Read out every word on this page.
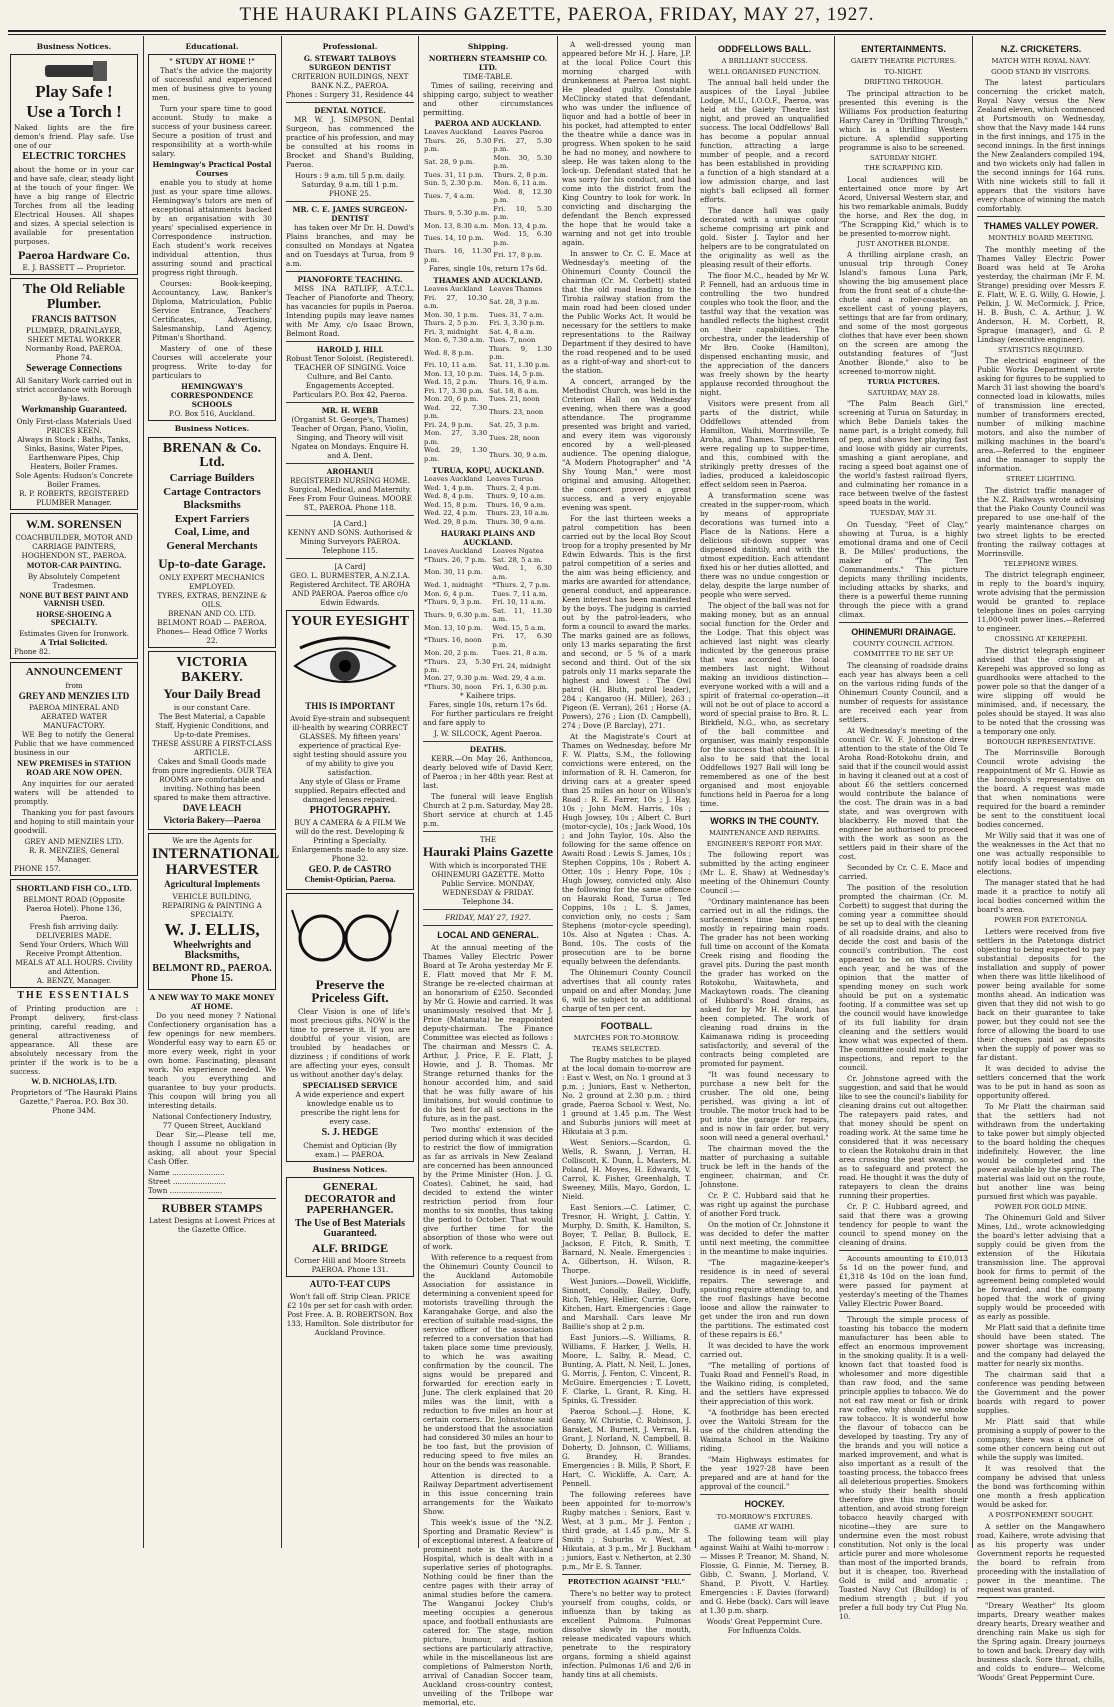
THE HAURAKI PLAINS GAZETTE, PAEROA, FRIDAY, MAY 27, 1927.
Business Notices.
Play Safe !
Use a Torch !
Naked lights are the fire demon's friend. Play safe. Use one of our
ELECTRIC TORCHES
about the home or in your car and have safe, clear, steady light at the touch of your finger. We have a big range of Electric Torches from all the leading Electrical Houses. All shapes and sizes. A special selection is available for presentation purposes.
Paeroa Hardware Co.
E. J. BASSETT — Proprietor.
The Old Reliable Plumber.
FRANCIS BATTSON
PLUMBER, DRAINLAYER, SHEET METAL WORKER
Normanby Road, PAEROA. Phone 74.
Sewerage Connections
All Sanitary Work carried out in strict accordance with Borough By-laws.
Workmanship Guaranteed.
Only First-class Materials Used PRICES KEEN.
Always in Stock : Baths, Tanks, Sinks, Basins, Water Pipes, Earthenware Pipes, Chip Heaters, Boiler Frames.
Sole Agents: Hudson's Concrete Boiler Frames.
R. P. ROBERTS, REGISTERED PLUMBER Manager.
W.M. SORENSEN
COACHBUILDER, MOTOR AND CARRIAGE PAINTERS, HOGHENDON ST., PAEROA.
MOTOR-CAR PAINTING.
By Absolutely Competent Tradesmen.
NONE BUT BEST PAINT AND VARNISH USED.
HORSE-SHOEING A SPECIALTY.
Estimates Given for Ironwork.
A Trial Solicited.
Phone 82.
ANNOUNCEMENT
from
GREY AND MENZIES LTD
PAEROA MINERAL AND AERATED WATER MANUFACTORY.

WE Beg to notify the General Public that we have commenced business in our

NEW PREMISES in STATION ROAD ARE NOW OPEN.

Any inquiries for our aerated waters will be attended to promptly.

Thanking you for past favours and hoping to still maintain your goodwill.

GREY AND MENZIES LTD.
R. R. MENZIES, General Manager.
PHONE 157.
SHORTLAND FISH CO., LTD.
BELMONT ROAD (Opposite Paeroa Hotel). Phone 136, Paeroa.
Fresh fish arriving daily. DELIVERIES MADE.
Send Your Orders, Which Will Receive Prompt Attention.
MEALS AT ALL HOURS. Civility and Attention.
A. BENZY, Manager.
THE ESSENTIALS
of Printing production are : Prompt delivery, first-class printing, careful reading, and general attractiveness of appearance. All these are absolutely necessary from the printer if the work is to be a success.
W. D. NICHOLAS, LTD.
Proprietors of "The Hauraki Plains Gazette," Paeroa. P.O. Box 30. Phone 34M.
Educational.
" STUDY AT HOME !"

That's the advice the majority of successful and experienced men of business give to young men.

Turn your spare time to good account. Study to make a success of your business career. Secure a position of trust and responsibility at a worth-while salary.

Hemingway's Practical Postal Courses

enable you to study at home just as your spare time allows. Hemingway's tutors are men of exceptional attainments backed by an organisation with 30 years' specialised experience in Correspondence instruction. Each student's work receives individual attention, thus assuring sound and practical progress right through.

Courses: Book-keeping, Accountancy, Law, Banker's Diploma, Matriculation, Public Service Entrance, Teachers' Certificates, Advertising, Salesmanship, Land Agency, Pitman's Shorthand.

Mastery of one of these Courses will accelerate your progress. Write to-day for particulars to

HEMINGWAY'S CORRESPONDENCE SCHOOLS
P.O. Box 516, Auckland.
Business Notices.
BRENAN & Co. Ltd.
Carriage Builders
Cartage Contractors
Blacksmiths
Expert Farriers
Coal, Lime, and
General Merchants
Up-to-date Garage.
ONLY EXPERT MECHANICS EMPLOYED.
TYRES, EXTRAS, BENZINE & OILS.
BRENAN AND CO. LTD. BELMONT ROAD — PAEROA.
Phones— Head Office 7 Works 22.
VICTORIA BAKERY.
Your Daily Bread
is our constant Care.
The Best Material, a Capable Staff, Hygienic Conditions, and Up-to-date Premises.
THESE ASSURE A FIRST-CLASS ARTICLE.
Cakes and Small Goods made from pure ingredients. OUR TEA ROOMS are comfortable and inviting. Nothing has been spared to make them attractive.
DAVE LEACH
Victoria Bakery—Paeroa
We are the Agents for
INTERNATIONAL HARVESTER
Agricultural Implements
VEHICLE BUILDING, REPAIRING & PAINTING A SPECIALTY.
W. J. ELLIS,
Wheelwrights and Blacksmiths,
BELMONT RD., PAEROA. Phone 15.
A NEW WAY TO MAKE MONEY AT HOME.

Do you need money ? National Confectionery organisation has a few openings for new members. Wonderful easy way to earn £5 or more every week, right in your own home. Fascinating, pleasant work. No experience needed. We teach you everything and guarantee to buy your products. This coupon will bring you all interesting details.

National Confectionery Industry, 77 Queen Street, Auckland

Dear Sir,—Please tell me, though I assume no obligation in asking, all about your Special Cash Offer.

Name .......................
Street .......................
Town .......................
RUBBER STAMPS
Latest Designs at Lowest Prices at the Gazette Office.
Professional.
G. STEWART TALBOYS SURGEON DENTIST
CRITERION BUILDINGS, NEXT BANK N.Z., PAEROA.
Phones : Surgery 31, Residence 44
DENTAL NOTICE.

MR W. J. SIMPSON, Dental Surgeon, has commenced the practice of his profession, and may be consulted at his rooms in Brocket and Shand's Building, Paeroa.

Hours : 9 a.m. till 5 p.m. daily. Saturday, 9 a.m. till 1 p.m.
PHONE 25.
MR. C. E. JAMES SURGEON-DENTIST

has taken over Mr Dr. H. Dowd's Plains branches, and may be consulted on Mondays at Ngatea and on Tuesdays at Turua, from 9 a.m.

PIANOFORTE TEACHING.

MISS INA RATLIFF, A.T.C.L. Teacher of Pianoforte and Theory, has vacancies for pupils in Paeroa. Intending pupils may leave names with Mr Amy, c/o Isaac Brown, Belmont Road.

HAROLD J. HILL
Robust Tenor Soloist. (Registered). TEACHER OF SINGING. Voice Culture, and Bel Canto. Engagements Accepted. Particulars P.O. Box 42, Paeroa.
MR. H. WEBB
(Organist St. George's, Thames) Teacher of Organ, Piano, Violin, Singing, and Theory will visit Ngatea on Mondays. Enquire H. and A. Dent.
AROHANUI
REGISTERED NURSING HOME. Surgical, Medical, and Maternity. Fees From Four Guineas. MOORE ST., PAEROA. Phone 118.
[A Card.]
KENNY AND SONS. Authorised & Mining Surveyors PAEROA. Telephone 115.
[A Card]
GEO. L. BURMESTER, A.N.Z.I.A. Registered Architect. TE AROHA AND PAEROA. Paeroa office c/o Edwin Edwards.
YOUR EYESIGHT
THIS IS IMPORTANT
Avoid Eye-strain and subsequent ill-health by wearing CORRECT GLASSES. My fifteen years' experience of practical Eye-sight testing should assure you of my ability to give you satisfaction.
Any style of Glass or Frame supplied. Repairs effected and damaged lenses repaired.
PHOTOGRAPHY.
BUY A CAMERA & A FILM We will do the rest. Developing & Printing a Specialty. Enlargements made to any size. Phone 32.
GEO. P. de CASTRO
Chemist-Optician, Paeroa.
Preserve the Priceless Gift.

Clear Vision is one of life's most precious gifts. NOW is the time to preserve it. If you are doubtful of your vision, are troubled by headaches or dizziness ; if conditions of work are affecting your eyes, consult us without another day's delay.

SPECIALISED SERVICE
A wide experience and expert knowledge enable us to prescribe the right lens for every case.
S. J. HEDGE
Chemist and Optician (By exam.) — PAEROA.
Business Notices.
GENERAL DECORATOR and PAPERHANGER.
The Use of Best Materials Guaranteed.
ALF. BRIDGE
Corner Hill and Moore Streets PAEROA. Phone 131.
AUTO-T-EAT CUPS
Won't fall off. Strip Clean. PRICE £2 10s per set for cash with order. Post Free. A. B. ROBERTSON. Box 133, Hamilton. Sole distributor for Auckland Province.
Shipping.
NORTHERN STEAMSHIP CO. LTD.
TIME-TABLE.

Times of sailing, receiving and shipping cargo, subject to weather and other circumstances permitting.

PAEROA AND AUCKLAND.
Leaves Auckland	Leaves Paeroa
Thurs. 26, 5.30 p.m.	Fri. 27, 5.30 p.m.
Sat. 28, 9 p.m.	Mon. 30, 5.30 p.m.
Tues. 31, 11 p.m.	Thurs. 2, 8 p.m.
Sun. 5, 2.30 p.m.	Mon. 6, 11 a.m.
Tues. 7, 4 a.m.	Wed. 8, 12.30 p.m.
Thurs. 9, 5.30 p.m.	Fri. 10, 5.30 p.m.
Mon. 13, 8.30 a.m.	Mon. 13, 4 p.m.
Tues. 14, 10 p.m.	Wed. 15, 6.30 p.m.
Thurs. 16, 11.30 p.m.	Fri. 17, 8 p.m.
Fares, single 10s, return 17s 6d.
THAMES AND AUCKLAND.
Leaves Auckland	Leaves Thames
Fri. 27, 10.30 a.m.	Sat. 28, 3 p.m.
Mon. 30, 1 p.m.	Tues. 31, 7 a.m.
Thurs. 2, 5 p.m.	Fri. 3, 3.30 p.m.
Fri. 3, midnight	Sat. 4, 8 a.m.
Mon. 6, 7.30 a.m.	Tues. 7, noon
Wed. 8, 8 p.m.	Thurs. 9, 1.30 p.m.
Fri. 10, 11 a.m.	Sat. 11, 1.30 p.m.
Mon. 13, 10 p.m.	Tues. 14, 5 p.m.
Wed. 15, 2 p.m.	Thurs. 16, 9 a.m.
Fri. 17, 3.30 p.m.	Sat. 18, 8 a.m.
Mon. 20, 6 p.m.	Tues. 21, noon
Wed. 22, 7.30 p.m.	Thurs. 23, noon
Fri. 24, 9 p.m.	Sat. 25, 3 p.m.
Mon. 27, 3.30 p.m.	Tues. 28, noon
Wed. 29, 1.30 p.m.	Thurs. 30, 9 a.m.
TURUA, KOPU, AUCKLAND.
Leaves Auckland	Leaves Turua
Wed. 1, 4 p.m.	Thurs. 2, 4 p.m.
Wed. 8, 4 p.m.	Thurs. 9, 10 a.m.
Wed. 15, 8 p.m.	Thurs. 16, 9 a.m.
Wed. 22, 4 p.m.	Thurs. 23, 10 a.m.
Wed. 29, 8 p.m.	Thurs. 30, 9 a.m.
HAURAKI PLAINS AND AUCKLAND.
Leaves Auckland	Leaves Ngatea
*Thurs. 26, 7 p.m.	Sat. 28, 5 a.m.
Mon. 30, 11 p.m.	Wed. 1, 6.30 a.m.
Wed. 1, midnight	*Thurs. 2, 7 p.m.
Mon. 6, 4 p.m.	Tues. 7, 11 a.m.
*Thurs. 9, 3 p.m.	Fri. 10, 11 a.m.
Thurs. 9, 6.30 p.m.	Sat. 11, 11.30 a.m.
Mon. 13, 10 p.m.	Wed. 15, 5 a.m.
*Thurs. 16, noon	Fri. 17, 6.30 p.m.
Mon. 20, 2 p.m.	Tues. 21, 8 a.m.
*Thurs. 23, 5.30 p.m.	Fri. 24, midnight
Mon. 27, 9.30 p.m.	Wed. 29, 4 a.m.
*Thurs. 30, noon	Fri. 1, 6.30 p.m.
* Kaihere trips.
Fares, single 10s, return 17s 6d.

For further particulars re freight and fare apply to

J. W. SILCOCK, Agent Paeroa.
DEATHS.

KERR.—On May 26, Anthoncoa, dearly beloved wife of David Kerr, of Paeroa ; in her 48th year. Rest at last.

The funeral will leave English Church at 2 p.m. Saturday, May 28. Short service at church at 1.45 p.m.

THE
Hauraki Plains Gazette
With which is incorporated THE OHINEMURI GAZETTE. Motto Public Service. MONDAY, WEDNESDAY & FRIDAY. Telephone 34.
FRIDAY, MAY 27, 1927.
LOCAL AND GENERAL.

At the annual meeting of the Thames Valley Electric Power Board at Te Aroha yesterday Mr F. E. Flatt moved that Mr F. M. Strange be re-elected chairman at an honorarium of £250. Seconded by Mr G. Howie and carried. It was unanimously resolved that Mr J. Price (Matamata) be reappointed deputy-chairman. The Finance Committee was elected as follows : The chairman and Messrs C. A. Arthur, J. Price, F. E. Flatt, J. Howie, and J. B. Thomas. Mr Strange returned thanks for the honour accorded him, and said that he was fully aware of his limitations, but would continue to do his best for all sections in the future, as in the past.

Two months' extension of the period during which it was decided to restrict the flow of immigration as far as arrivals in New Zealand are concerned has been announced by the Prime Minister (Hon. J. G. Coates). Cabinet, he said, had decided to extend the winter restriction period from four months to six months, thus taking the period to October. That would give further time for the absorption of those who were out of work.

With reference to a request from the Ohinemuri County Council to the Auckland Automobile Association for assistance in determining a convenient speed for motorists travelling through the Karangahake Gorge, and also the erection of suitable road-signs, the service officer of the association referred to a conversation that had taken place some time previously, to which he was awaiting confirmation by the council. The signs would be prepared and forwarded for erection early in June. The clerk explained that 20 miles was the limit, with a reduction to five miles an hour at certain corners. Dr. Johnstone said he understood that the association had considered 30 miles an hour to be too fast, but the provision of reducing speed to five miles an hour on the bends was reasonable.

Attention is directed to a Railway Department advertisement in this issue concerning train arrangements for the Waikato Show.

This week's issue of the "N.Z. Sporting and Dramatic Review" is of exceptional interest. A feature of prominent note is the Auckland Hospital, which is dealt with in a superlative series of photographs. Nothing could be finer than the centre pages with their array of animal studies before the camera. The Wanganui Jockey Club's meeting occupies a generous space, and football enthusiasts are catered for. The stage, motion picture, humour, and fashion sections are particularly attractive, while in the miscellaneous list are completions of Palmerston North, arrival of Canadian Soccer team, Auckland cross-country contest, unveiling of the Trilbope war memorial, etc.

A well-dressed young man appeared before Mr H. J. Hare, J.P. at the local Police Court this morning charged with drunkenness at Paeroa last night. He pleaded guilty. Constable McClincky stated that defendant, who was under the influence of liquor and had a bottle of beer in his pocket, had attempted to enter the theatre while a dance was in progress. When spoken to he said he had no money, and nowhere to sleep. He was taken along to the lock-up. Defendant stated that he was sorry for his conduct, and had come into the district from the King Country to look for work. In convicting and discharging the defendant the Bench expressed the hope that he would take a warning and not get into trouble again.

In answer to Cr. C. E. Mace at Wednesday's meeting of the Ohinemuri County Council the chairman (Cr. M. Corbett) stated that the old road leading to the Tirohia railway station from the main road had been closed under the Public Works Act. It would be necessary for the settlers to make representations to the Railway Department if they desired to have the road reopened and to be used as a right-of-way and short-cut to the station.

A concert, arranged by the Methodist Church, was held in the Criterion Hall on Wednesday evening, when there was a good attendance. The programme presented was bright and varied, and every item was vigorously encored by a well-pleased audience. The opening dialogue, "A Modern Photographer" and "A Shy Young Man," were most original and amusing. Altogether, the concert proved a great success, and a very enjoyable evening was spent.

For the last thirteen weeks a patrol competition has been carried out by the local Boy Scout troop for a trophy presented by Mr Edwin Edwards. This is the first patrol competition of a series and the aim was being efficiency, and marks are awarded for attendance, general conduct, and appearance. Keen interest has been manifested by the boys. The judging is carried out by the patrol-leaders, who form a council to award the marks. The marks gained are as follows, only 13 marks separating the first and second, or 5 % of a mark second and third. Out of the six patrols only 11 marks separate the highest and lowest : The Owl patrol (H. Bluth, patrol leader), 284 ; Kangaroo (H. Miller), 263 ; Pigeon (E. Verran), 261 ; Horse (A. Powers), 276 ; Lion (D. Campbell), 274 ; Dove (P. Barclay), 271.

At the Magistrate's Court at Thames on Wednesday, before Mr F. W. Platts, S.M., the following convictions were entered, on the information of R. H. Cameron, for driving cars at a greater speed than 25 miles an hour on Wilson's Road : R. E. Farrer, 10s ; J. Hay, 10s ; John McM. Harris, 10s ; Hugh Jowsey, 10s ; Albert C. Burt (motor-cycle), 10s ; Jack Wood, 10s ; and John Taylor, 10s. Also the following for the same offence on Awaiti Road : Lewis S. James, 10s ; Stephen Coppins, 10s ; Robert A. Otter, 10s ; Henry Pope, 10s ; Hugh Jowsey, convicted only. Also the following for the same offence on Hauraki Road, Turua : Ted Coppins, 10s ; L. S. James, conviction only, no costs ; Sam Stephens (motor-cycle speeding), 10s. Also at Ngatea : Chas. A. Bond, 10s. The costs of the prosecution are to be borne equally between the defendants.

The Ohinemuri County Council advertises that all county rates unpaid on and after Monday, June 6, will be subject to an additional charge of ten per cent.

FOOTBALL.
MATCHES FOR TO-MORROW.
TEAMS SELECTED.

The Rugby matches to be played at the local domain to-morrow are : East v. West, on No. 1 ground at 3 p.m. ; Juniors, East v. Netherton, No. 2 ground at 2.30 p.m. ; third grade, Paeroa School v. West, No. 1 ground at 1.45 p.m. The West and Suburbs juniors will meet at Hikutaia at 3 p.m.

West Seniors.—Scardon, G. Wells, R. Swann, J. Verran, H. Colliscott, K. Dunn, L. Masters, M. Poland, H. Moyes, H. Edwards, V. Carrol, K. Fisher, Greenhalgh, T. Sweeney, Mills, Mayo, Gordon, L. Nield.

East Seniors.—C. Latimer, C. Tresnor, H. Wright, J. Cattin, Y. Murphy, D. Smith, K. Hamilton, S. Boyer, T. Pellar, B. Bullock, E. Jackson, F. Fitch, R. Smith, T. Barnard, N. Neale. Emergencies : A. Gilbertson, H. Wilson, R. Thorpe.

West Juniors.—Dowell, Wickliffe, Sinnott, Conolly, Bailey, Duffy, Rich, Tehley, Hellier, Currie, Gore, Kitchen, Hart. Emergencies : Gage and Marshall. Cars leave Mr Baillie's shop at 2 p.m.

East Juniors.—S. Williams, R. Williams, F. Harker, J. Wells, H. Moore, L. Salby, R. Mead, C. Bunting, A. Platt, N. Neil, L. Jones, G. Morris, J. Fenton, C. Vincent, R. McGuire. Emergencies : T. Lovett, F. Clarke, L. Grant, R. King, H. Spinks, G. Tressider.

Paeroa School.—J. Hone, K. Geany, W. Christie, C. Robinson, J. Baraket, M. Burnett, J. Verran, H. Grant, J. Norland, N. Campbell, B. Doherty, D. Johnson, C. Williams, G. Brandey, H. Brandes. Emergencies : B. Mills, P. Short, F. Hart, C. Wickliffe, A. Carr, A. Pennell.

The following referees have been appointed for to-morrow's Rugby matches : Seniors, East v. West, at 3 p.m., Mr J. Fenton ; third grade, at 1.45 p.m., Mr S. Smith ; Suburbs v. West, at Hikutaia, at 3 p.m., Mr J. Buckham ; juniors, East v. Netherton, at 2.30 p.m., Mr E. S. Tanner.

PROTECTION AGAINST "FLU."

There's no better way to protect yourself from coughs, colds, or influenza than by taking as excellent Pulmona. Pulmonas dissolve slowly in the mouth, release medicated vapours which penetrate to the respiratory organs, forming a shield against infection. Pulmonas 1/6 and 2/6 in handy tins at all chemists.

ODDFELLOWS BALL.
A BRILLIANT SUCCESS.
WELL ORGANISED FUNCTION.

The annual ball held under the auspices of the Loyal Jubilee Lodge, M.U., I.O.O.F., Paeroa, was held at the Gaiety Theatre last night, and proved an unqualified success. The local Oddfellows' Ball has become a popular annual function, attracting a large number of people, and a record has been established in providing a function of a high standard at a low admission charge, and last night's ball eclipsed all former efforts.

The dance hall was gaily decorated with a unique colour scheme comprising art pink and gold. Sister J. Taylor and her helpers are to be congratulated on the originality as well as the pleasing result of their efforts.

The floor M.C., headed by Mr W. P. Fennell, had an arduous time in controlling the two hundred couples who took the floor, and the tastful way that the vexation was handled reflects the highest credit on their capabilities. The orchestra, under the leadership of Mr Bro. Cooke (Hamilton), dispensed enchanting music, and the appreciation of the dancers was freely shown by the hearty applause recorded throughout the night.

Visitors were present from all parts of the district, while Oddfellows attended from Hamilton, Waihi, Morrinsville, Te Aroha, and Thames. The brethren were regaling up to supper-time, and this, combined with the strikingly pretty dresses of the ladies, produced a kaleidoscopic effect seldom seen in Paeroa.

A transformation scene was created in the supper-room, which by means of appropriate decorations was turned into a Place de la Nations. Here a delicious sit-down supper was dispensed daintily, and with the utmost expedition. Each attendant fixed his or her duties allotted, and there was no undue congestion or delay, despite the large number of people who were served.

The object of the ball was not for making money, but as an annual social function for the Order and the Lodge. That this object was achieved last night was clearly indicated by the generous praise that was accorded the local members last night. Without making an invidious distinction—everyone worked with a will and a spirit of fraternal co-operation—it will not be out of place to accord a word of special praise to Bro. R. L. Birkfield, N.G., who, as secretary of the ball committee and organiser, was mainly responsible for the success that obtained. It is also to be said that the local Oddfellows 1927 Ball will long be remembered as one of the best organised and most enjoyable functions held in Paeroa for a long time.

WORKS IN THE COUNTY.
MAINTENANCE AND REPAIRS.
ENGINEER'S REPORT FOR MAY.

The following report was submitted by the acting engineer (Mr L. E. Shaw) at Wednesday's meeting of the Ohinemuri County Council :—

"Ordinary maintenance has been carried out in all the ridings, the surfacemen's time being spent mostly in repairing main roads. The grader has not been working full time on account of the Komata Creek rising and flooding the gravel pits. During the past month the grader has worked on the Rotokohu, Waitawheta, and Mackaytown roads. The cleaning of Hubbard's Road drains, as asked for by Mr H. Poland, has been completed. The work of cleaning road drains in the Kaimanawa riding is proceeding satisfactorily, and several of the contracts being completed are promoted for payment.

"It was found necessary to purchase a new belt for the crusher. The old one, being perished, was giving a lot of trouble. The motor truck had to be put into the garage for repairs, and is now in fair order, but very soon will need a general overhaul."

The chairman moved the the matter of purchasing a suitable truck be left in the hands of the engineer, chairman, and Cr. Johnstone.

Cr. P. C. Hubbard said that he was right up against the purchase of another Ford truck.

On the motion of Cr. Johnstone it was decided to defer the matter until next meeting, the committee in the meantime to make inquiries.

"The magazine-keeper's residence is in need of several repairs. The sewerage and spouting require attending to, and the roof flashings have become loose and allow the rainwater to get under the iron and run down the partitions. The estimated cost of these repairs is £6."

It was decided to have the work carried out.

"The metalling of portions of Tuaki Road and Fennell's Road, in the Waikino riding, is completed, and the settlers have expressed their appreciation of this work.

"A footbridge has been erected over the Waitoki Stream for the use of the children attending the Waimata School in the Waikino riding.

"Main Highways estimates for the year 1927-28 have been prepared and are at hand for the approval of the council."

HOCKEY.
TO-MORROW'S FIXTURES.
GAME AT WAIHI.

The following team will play against Waihi at Waihi to-morrow :— Misses P. Treanor, M. Shand, N. Flossie, G. Finnie, M. Tierney, B. Gibb, C. Swann, J. Morland, V. Shand, P. Pivott, V. Hartley. Emergencies : F. Davies (forward) and G. Hebe (back). Cars will leave at 1.30 p.m. sharp.

Woods' Great Peppermint Cure. For Influenza Colds.
ENTERTAINMENTS.
GAIETY THEATRE PICTURES.
TO-NIGHT.
DRIFTING THROUGH.

The principal attraction to be presented this evening is the Williams Fox production featuring Harry Carey in "Drifting Through," which is a thrilling Western picture. A splendid supporting programme is also to be screened.

SATURDAY NIGHT.
THE SCRAPPING KID.

Local audiences will be entertained once more by Art Acord, Universal Western star, and his two remarkable animals, Buddy the horse, and Rex the dog, in "The Scrapping Kid," which is to be presented to-morrow night.

JUST ANOTHER BLONDE.

A thrilling airplane crash, an unusual trip through Coney Island's famous Luna Park, showing the big amusement place from the front seat of a chute-the-chute and a roller-coaster, an excellent cast of young players, settings that are far from ordinary, and some of the most gorgeous clothes that have ever been shown on the screen are among the outstanding features of "Just Another Blonde," also to be screened to-morrow night.

TURUA PICTURES.
SATURDAY, MAY 28.

"The Palm Beach Girl," screening at Turua on Saturday, in which Bebe Daniels takes the name part, is a bright comedy, full of pep, and shows her playing fast and loose with giddy air currents, smashing a giant aeroplane, and racing a speed boat against one of the world's fastest railroad flyers, and culminating her romance in a race between twelve of the fastest speed boats in the world.

TUESDAY, MAY 31.

On Tuesday, "Feet of Clay," showing at Turua, is a highly emotional drama and one of Cecil B. De Milles' productions, the maker of "The Ten Commandments." This picture depicts many thrilling incidents, including attacks by sharks, and there is a powerful theme running through the piece with a grand climax.

OHINEMURI DRAINAGE.
COUNTY COUNCIL ACTION.
COMMITTEE TO BE SET UP.

The cleansing of roadside drains each year has always been a cell on the various riding funds of the Ohinemuri County Council, and a number of requests for assistance are received each year from settlers.

At Wednesday's meeting of the council Cr. W. F. Johnstone drew attention to the state of the Old Te Aroha Road-Rotokohu drain, and said that if the council would assist in having it cleaned out at a cost of about £6 the settlers concerned would contribute the balance of the cost. The drain was in a bad state, and was overgrown with blackberry. He moved that the engineer be authorised to proceed with the work as soon as the settlers paid in their share of the cost.

Seconded by Cr. C. E. Mace and carried.

The position of the resolution prompted the chairman (Cr. M. Corbett) to suggest that during the coming year a committee should be set up to deal with the cleaning of all roadside drains, and also to decide the cost and basis of the council's contribution. The cost appeared to be on the increase each year, and he was of the opinion that the matter of spending money on such work should be put on a systematic footing. If a committee was set up the council would have knowledge of its full liability for drain cleaning and the settlers would know what was expected of them. The committee could make regular inspections, and report to the council.

Cr. Johnstone agreed with the suggestion, and said that he would like to see the council's liability for cleaning drains cut out altogether. The ratepayers paid rates, and that money should be spent on roading work. At the same time he considered that it was necessary to clean the Rotokohu drain in that area crossing the peat swamp, so as to safeguard and protect the road. He thought it was the duty of ratepayers to clean the drains running their properties.

Cr. P. C. Hubbard agreed, and said that there was a growing tendency for people to want the council to spend money on the cleaning of drains.

Accounts amounting to £10,013 5s 1d on the power fund, and £1,318 4s 10d on the loan fund, were passed for payment at yesterday's meeting of the Thames Valley Electric Power Board.

Through the simple process of toasting his tobacco the modern manufacturer has been able to effect an enormous improvement in the smoking quality. It is a well-known fact that toasted food is wholesomer and more digestible than raw food, and the same principle applies to tobacco. We do not eat raw meat or fish or drink raw coffee, why should we smoke raw tobacco. It is wonderful how the flavour of tobacco can be developed by toasting. Try any of the brands and you will notice a marked improvement, and what is also important as a result of the toasting process, the tobacco frees all deleterious properties. Smokers who study their health should therefore give this matter their attention, and avoid strong foreign tobacco heavily charged with nicotine—they are sure to undermine even the most robust constitution. Not only is the local article purer and more wholesome than most of the imported brands, but it is cheaper, too. Riverhead Gold is mild and aromatic ; Toasted Navy Cut (Bulldog) is of medium strength ; but if you prefer a full body try Cut Plug No. 10.

N.Z. CRICKETERS.
MATCH WITH ROYAL NAVY.
GOOD STAND BY VISITORS.

The latest particulars concerning the cricket match, Royal Navy versus the New Zealand eleven, which commenced at Portsmouth on Wednesday, show that the Navy made 144 runs in the first innings, and 175 in the second innings. In the first innings the New Zealanders compiled 194, and two wickets only had fallen in the second innings for 164 runs. With nine wickets still to fall it appears that the visitors have every chance of winning the match comfortably.

THAMES VALLEY POWER.
MONTHLY BOARD MEETING.

The monthly meeting of the Thames Valley Electric Power Board was held at Te Aroha yesterday, the chairman (Mr F. M. Strange) presiding over Messrs F. E. Flatt, W. E. G. Willy, G. Howie, J. Pelkin, J. W. McCormick, J. Price, H. B. Bush, C. A. Arthur, J. W. Anderson, H. M. Corbett, R. Sprague (manager), and G. P. Lindsay (executive engineer).

STATISTICS REQUIRED.

The electrical engineer of the Public Works Department wrote asking for figures to be supplied to March 31 last showing the board's connected load in kilowatts, miles of transmission line erected, number of transformers erected, number of milking machine motors, and also the number of milking machines in the board's area.—Referred to the engineer and the manager to supply the information.

STREET LIGHTING.

The district traffic manager of the N.Z. Railways wrote advising that the Piako County Council was prepared to use one-half of the yearly maintenance charges on two street lights to be erected fronting the railway cottages at Morrinsville.

TELEPHONE WIRES.

The district telegraph engineer, in reply to the board's inquiry, wrote advising that the permission would be granted to replace telephone lines on poles carrying 11,000-volt power lines.—Referred to engineer.

CROSSING AT KEREPEHI.

The district telegraph engineer advised that the crossing at Kerepehi was approved so long as guardhooks were attached to the power pole so that the danger of a wire slipping off would be minimised, and, if necessary, the poles should be stayed. It was also to be noted that the crossing was a temporary one only.

BOROUGH REPRESENTATIVE.

The Morrinsville Borough Council wrote advising the reappointment of Mr G. Howie as the borough's representative on the board. A request was made that when nominations were required for the board a reminder be sent to the constituent local bodies concerned.

Mr Willy said that it was one of the weaknesses in the Act that no one was actually responsible to notify local bodies of impending elections.

The manager stated that he had made it a practice to notify all local bodies concerned within the board's area.

POWER FOR PATETONGA.

Letters were received from five settlers in the Patetonga district objecting to being expected to pay substantial deposits for the installation and supply of power when there was little likelihood of power being available for some months ahead. An indication was given that they did not wish to go back on their guarantee to take power, but they could not see the force of allowing the board to use their cheques paid as deposits when the supply of power was so far distant.

It was decided to advise the settlers concerned that the work was to be put in hand as soon as opportunity offered.

To Mr Platt the chairman said that the settlers had not withdrawn from the undertaking to take power but simply objected to the board holding the cheques indefinitely. However, the line would be completed and the power available by the spring. The material was laid out on the route, but another line was being pursued first which was payable.

POWER FOR GOLD MINE.

The Ohinemuri Gold and Silver Mines, Ltd., wrote acknowledging the board's letter advising that a supply could be given from the extension of the Hikutaia transmission line. The approval book for firms to permit of the agreement being completed would be forwarded, and the company hoped that the work of giving supply would be proceeded with as early as possible.

Mr Platt said that a definite time should have been stated. The power shortage was increasing, and the company had delayed the matter for nearly six months.

The chairman said that a conference was pending between the Government and the power boards with regard to power supplies.

Mr Platt said that while promising a supply of power to the company, there was a chance of some other concern being cut out while the supply was limited.

It was resolved that the company be advised that unless the bond was forthcoming within one month a fresh application would be asked for.

A POSTPONEMENT SOUGHT.

A settler on the Mangawhero road, Kaihere, wrote advising that as his property was under Government reports he requested the board to refrain from proceeding with the installation of power in the meantime. The request was granted.

"Dreary Weather" Its gloom imparts, Dreary weather makes dreary hearts, Dreary weather and drenching rain Make us sigh for the Spring again. Dreary journeys to town and back. Dreary day with business slack. Sore throat, chills, and colds to endure— Welcome 'Woods' Great Peppermint Cure.
